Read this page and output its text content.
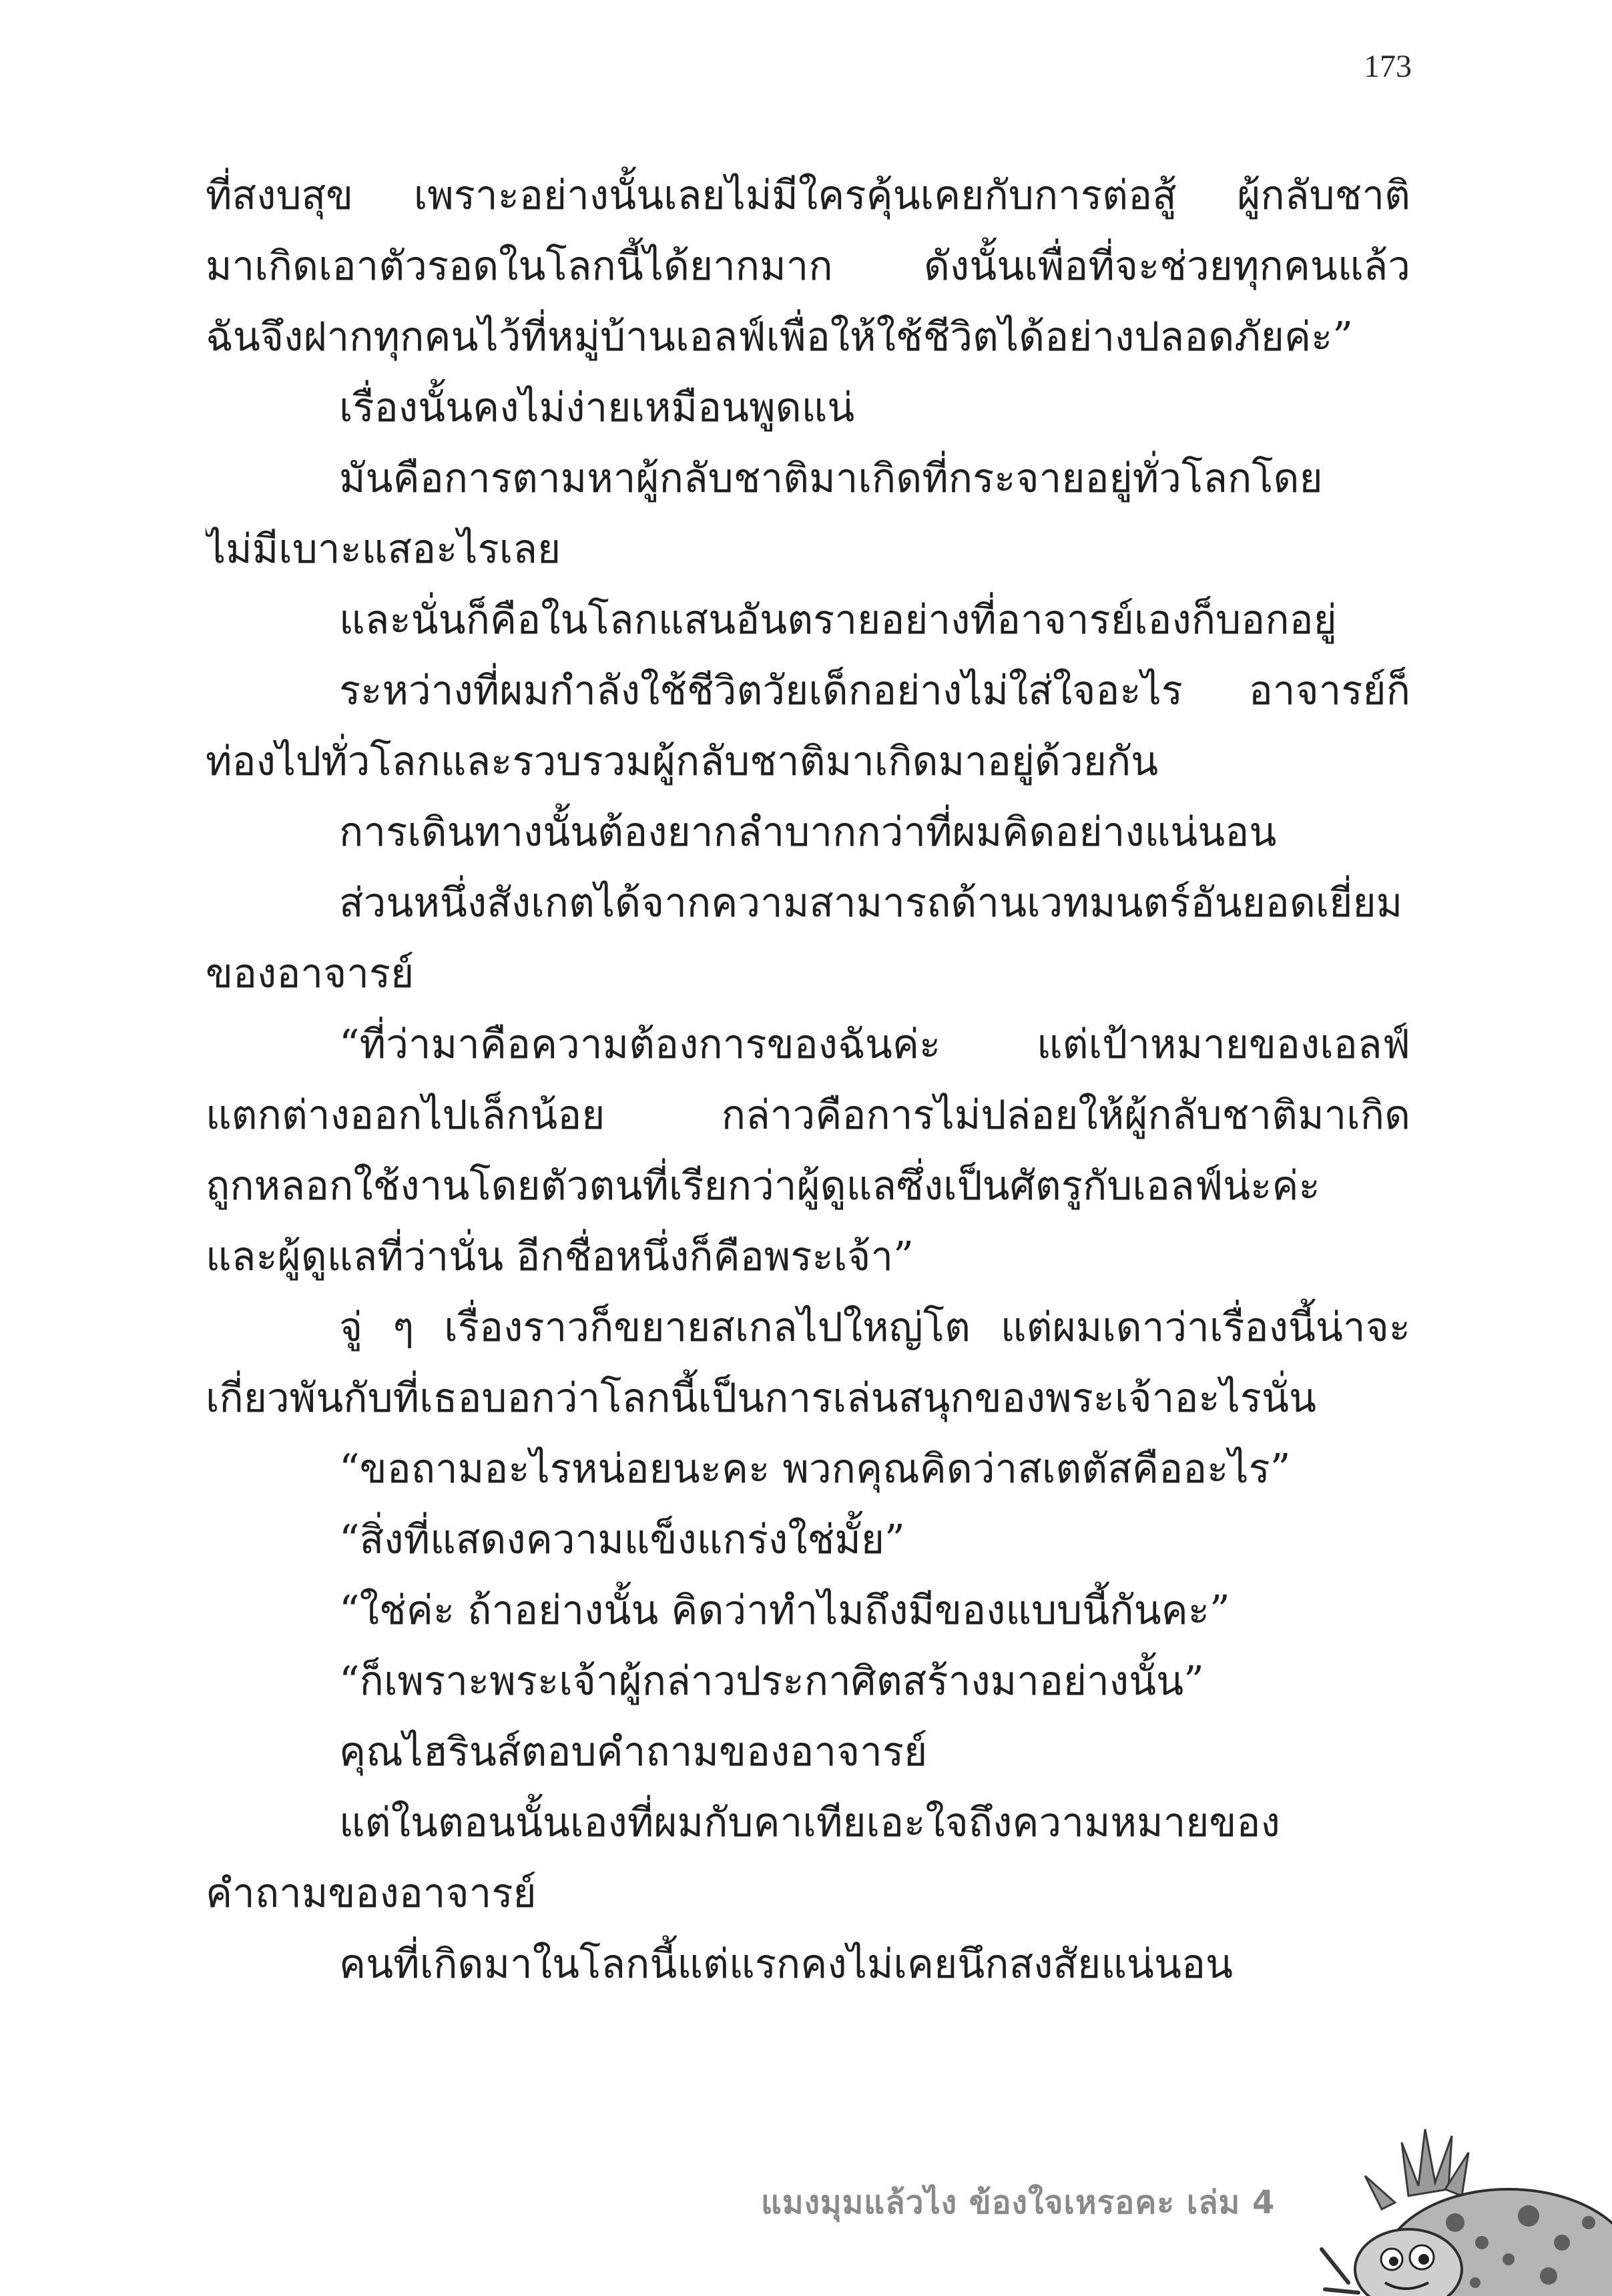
173
ที่สงบสุข เพราะอย่างนั้นเลยไม่มีใครคุ้นเคยกับการต่อสู้ ผู้กลับชาติ
มาเกิดเอาตัวรอดในโลกนี้ได้ยากมาก ดังนั้นเพื่อที่จะช่วยทุกคนแล้ว
ฉันจึงฝากทุกคนไว้ที่หมู่บ้านเอลฟ์เพื่อให้ใช้ชีวิตได้อย่างปลอดภัยค่ะ”
เรื่องนั้นคงไม่ง่ายเหมือนพูดแน่
มันคือการตามหาผู้กลับชาติมาเกิดที่กระจายอยู่ทั่วโลกโดย
ไม่มีเบาะแสอะไรเลย
และนั่นก็คือในโลกแสนอันตรายอย่างที่อาจารย์เองก็บอกอยู่
ระหว่างที่ผมกำลังใช้ชีวิตวัยเด็กอย่างไม่ใส่ใจอะไร อาจารย์ก็
ท่องไปทั่วโลกและรวบรวมผู้กลับชาติมาเกิดมาอยู่ด้วยกัน
การเดินทางนั้นต้องยากลำบากกว่าที่ผมคิดอย่างแน่นอน
ส่วนหนึ่งสังเกตได้จากความสามารถด้านเวทมนตร์อันยอดเยี่ยม
ของอาจารย์
“ที่ว่ามาคือความต้องการของฉันค่ะ แต่เป้าหมายของเอลฟ์
แตกต่างออกไปเล็กน้อย กล่าวคือการไม่ปล่อยให้ผู้กลับชาติมาเกิด
ถูกหลอกใช้งานโดยตัวตนที่เรียกว่าผู้ดูแลซึ่งเป็นศัตรูกับเอลฟ์น่ะค่ะ
และผู้ดูแลที่ว่านั่น อีกชื่อหนึ่งก็คือพระเจ้า”
จู่ ๆ เรื่องราวก็ขยายสเกลไปใหญ่โต แต่ผมเดาว่าเรื่องนี้น่าจะ
เกี่ยวพันกับที่เธอบอกว่าโลกนี้เป็นการเล่นสนุกของพระเจ้าอะไรนั่น
“ขอถามอะไรหน่อยนะคะ พวกคุณคิดว่าสเตตัสคืออะไร”
“สิ่งที่แสดงความแข็งแกร่งใช่มั้ย”
“ใช่ค่ะ ถ้าอย่างนั้น คิดว่าทำไมถึงมีของแบบนี้กันคะ”
“ก็เพราะพระเจ้าผู้กล่าวประกาศิตสร้างมาอย่างนั้น”
คุณไฮรินส์ตอบคำถามของอาจารย์
แต่ในตอนนั้นเองที่ผมกับคาเทียเอะใจถึงความหมายของ
คำถามของอาจารย์
คนที่เกิดมาในโลกนี้แต่แรกคงไม่เคยนึกสงสัยแน่นอน
แมงมุมแล้วไง ข้องใจเหรอคะ เล่ม 4
